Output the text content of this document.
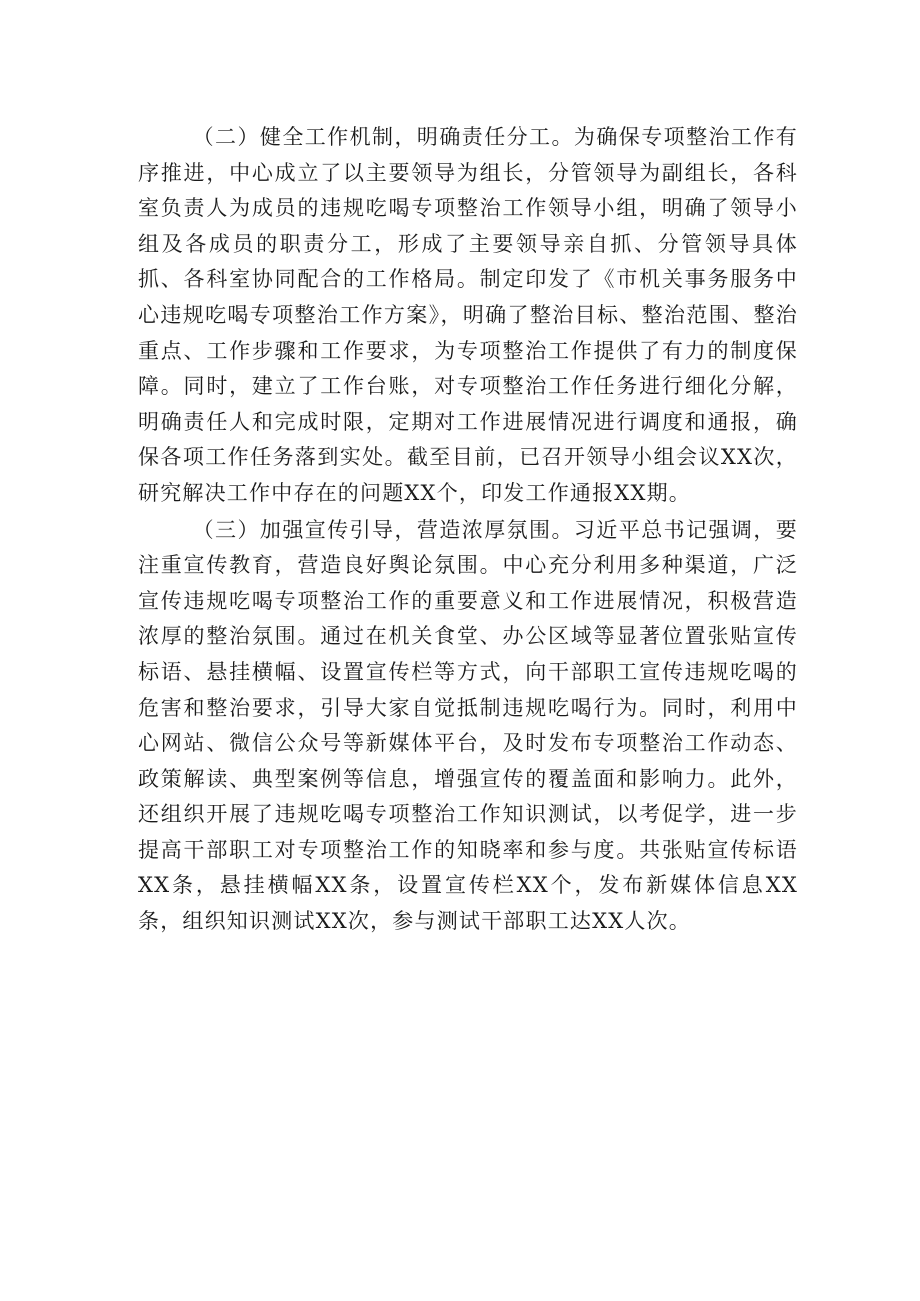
（二）健全工作机制，明确责任分工。为确保专项整治工作有序推进，中心成立了以主要领导为组长，分管领导为副组长，各科室负责人为成员的违规吃喝专项整治工作领导小组，明确了领导小组及各成员的职责分工，形成了主要领导亲自抓、分管领导具体抓、各科室协同配合的工作格局。制定印发了《市机关事务服务中心违规吃喝专项整治工作方案》，明确了整治目标、整治范围、整治重点、工作步骤和工作要求，为专项整治工作提供了有力的制度保障。同时，建立了工作台账，对专项整治工作任务进行细化分解，明确责任人和完成时限，定期对工作进展情况进行调度和通报，确保各项工作任务落到实处。截至目前，已召开领导小组会议XX次，研究解决工作中存在的问题XX个，印发工作通报XX期。

（三）加强宣传引导，营造浓厚氛围。习近平总书记强调，要注重宣传教育，营造良好舆论氛围。中心充分利用多种渠道，广泛宣传违规吃喝专项整治工作的重要意义和工作进展情况，积极营造浓厚的整治氛围。通过在机关食堂、办公区域等显著位置张贴宣传标语、悬挂横幅、设置宣传栏等方式，向干部职工宣传违规吃喝的危害和整治要求，引导大家自觉抵制违规吃喝行为。同时，利用中心网站、微信公众号等新媒体平台，及时发布专项整治工作动态、政策解读、典型案例等信息，增强宣传的覆盖面和影响力。此外，还组织开展了违规吃喝专项整治工作知识测试，以考促学，进一步提高干部职工对专项整治工作的知晓率和参与度。共张贴宣传标语XX条，悬挂横幅XX条，设置宣传栏XX个，发布新媒体信息XX条，组织知识测试XX次，参与测试干部职工达XX人次。
